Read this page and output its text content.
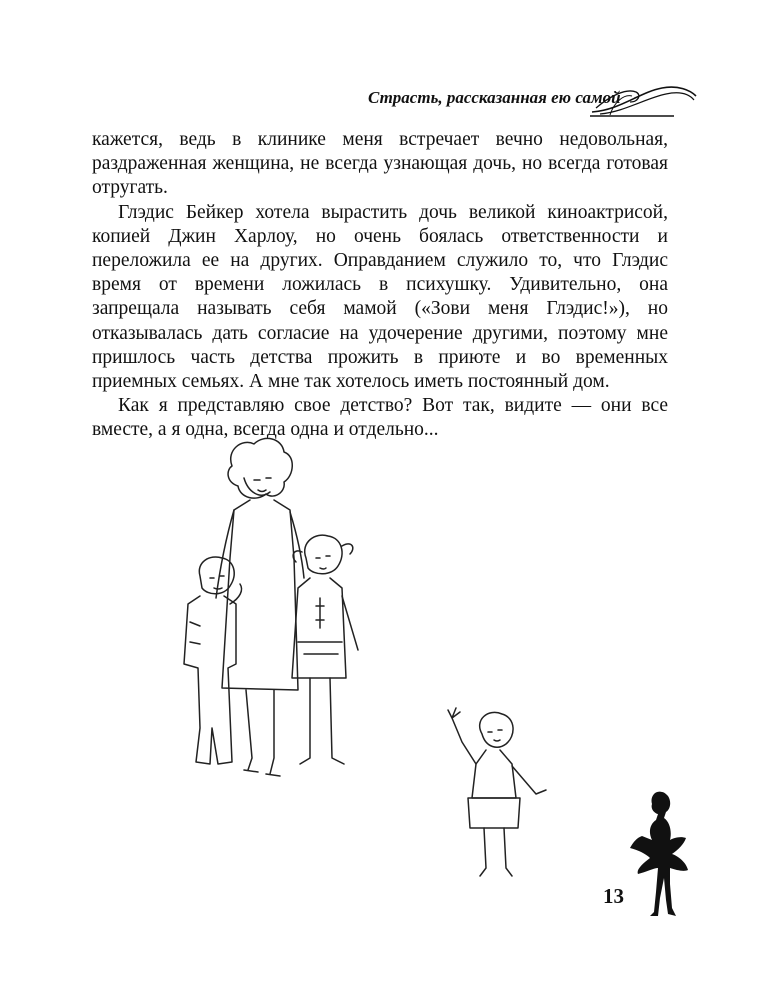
Страсть, рассказанная ею самой

кажется, ведь в клинике меня встречает вечно недовольная, раздраженная женщина, не всегда узнающая дочь, но всегда готовая отругать.

Глэдис Бейкер хотела вырастить дочь великой киноактрисой, копией Джин Харлоу, но очень боялась ответственности и переложила ее на других. Оправданием служило то, что Глэдис время от времени ложилась в психушку. Удивительно, она запрещала называть себя мамой («Зови меня Глэдис!»), но отказывалась дать согласие на удочерение другими, поэтому мне пришлось часть детства прожить в приюте и во временных приемных семьях. А мне так хотелось иметь постоянный дом.

Как я представляю свое детство? Вот так, видите — они все вместе, а я одна, всегда одна и отдельно...

13
